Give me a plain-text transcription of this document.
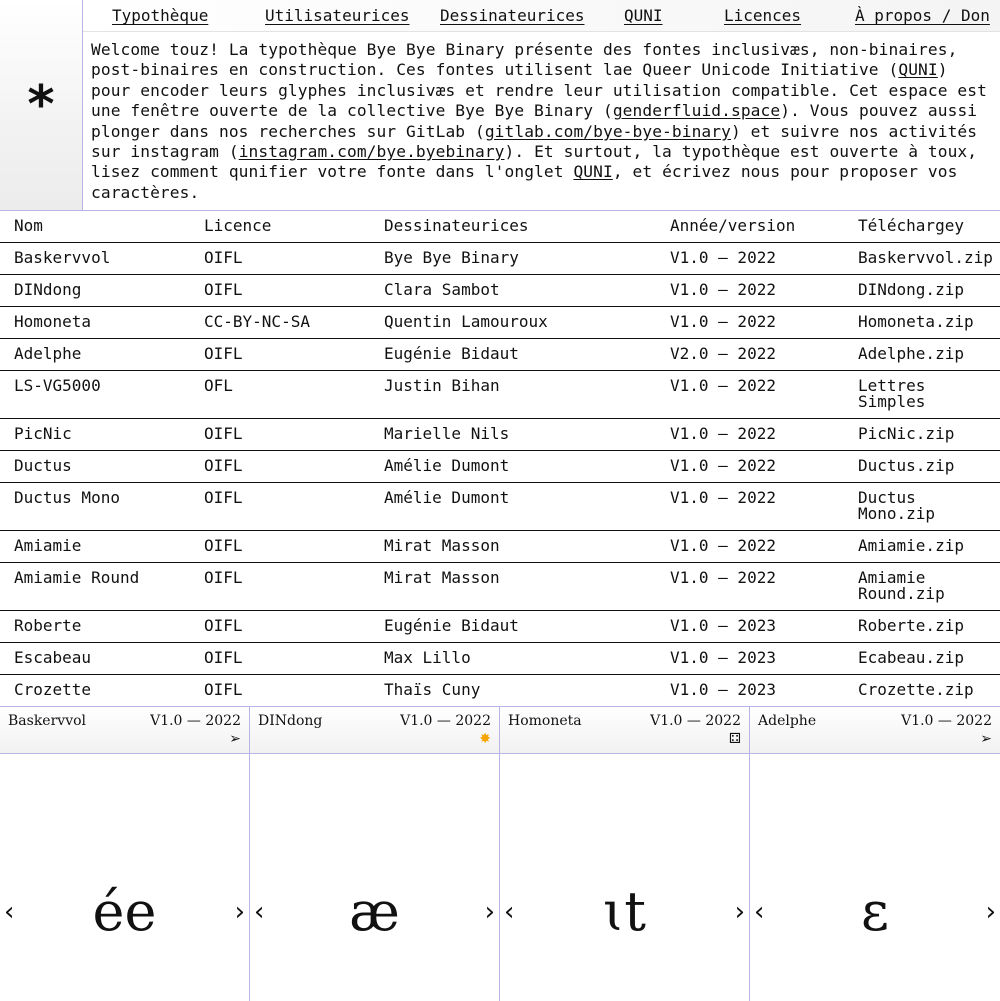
*
Typothèque	Utilisateurices Dessinateurices QUNI	Licences	À propos / Don
Welcome touz! La typothèque Bye Bye Binary présente des fontes inclusivæs, non-binaires, post-binaires en construction. Ces fontes utilisent lae Queer Unicode Initiative (QUNI) pour encoder leurs glyphes inclusivæs et rendre leur utilisation compatible. Cet espace est une fenêtre ouverte de la collective Bye Bye Binary (genderfluid.space). Vous pouvez aussi plonger dans nos recherches sur GitLab (gitlab.com/bye-bye-binary) et suivre nos activités sur instagram (instagram.com/bye.byebinary). Et surtout, la typothèque est ouverte à toux, lisez comment qunifier votre fonte dans l'onglet QUNI, et écrivez nous pour proposer vos caractères.
Nom	Licence	Dessinateurices	Année/version	Téléchargey
Baskervvol	OIFL	Bye Bye Binary	V1.0 — 2022	Baskervvol.zip
DINdong	OIFL	Clara Sambot	V1.0 — 2022	DINdong.zip
Homoneta	CC-BY-NC-SA	Quentin Lamouroux	V1.0 — 2022	Homoneta.zip
Adelphe	OIFL	Eugénie Bidaut	V2.0 — 2022	Adelphe.zip
LS-VG5000	OFL	Justin Bihan	V1.0 — 2022	Lettres Simples
PicNic	OIFL	Marielle Nils	V1.0 — 2022	PicNic.zip
Ductus	OIFL	Amélie Dumont	V1.0 — 2022	Ductus.zip
Ductus Mono	OIFL	Amélie Dumont	V1.0 — 2022	Ductus Mono.zip
Amiamie	OIFL	Mirat Masson	V1.0 — 2022	Amiamie.zip
Amiamie Round	OIFL	Mirat Masson	V1.0 — 2022	Amiamie Round.zip
Roberte	OIFL	Eugénie Bidaut	V1.0 — 2023	Roberte.zip
Escabeau	OIFL	Max Lillo	V1.0 — 2023	Ecabeau.zip
Crozette	OIFL	Thaïs Cuny	V1.0 — 2023	Crozette.zip
Baskervvol	V1.0 — 2022
➢
‹	ée	›
DINdong	V1.0 — 2022
✸
‹	æ	›
Homoneta	V1.0 — 2022
⚃
‹	ɩt	›
Adelphe	V1.0 — 2022
➢
‹	ɛ	›
